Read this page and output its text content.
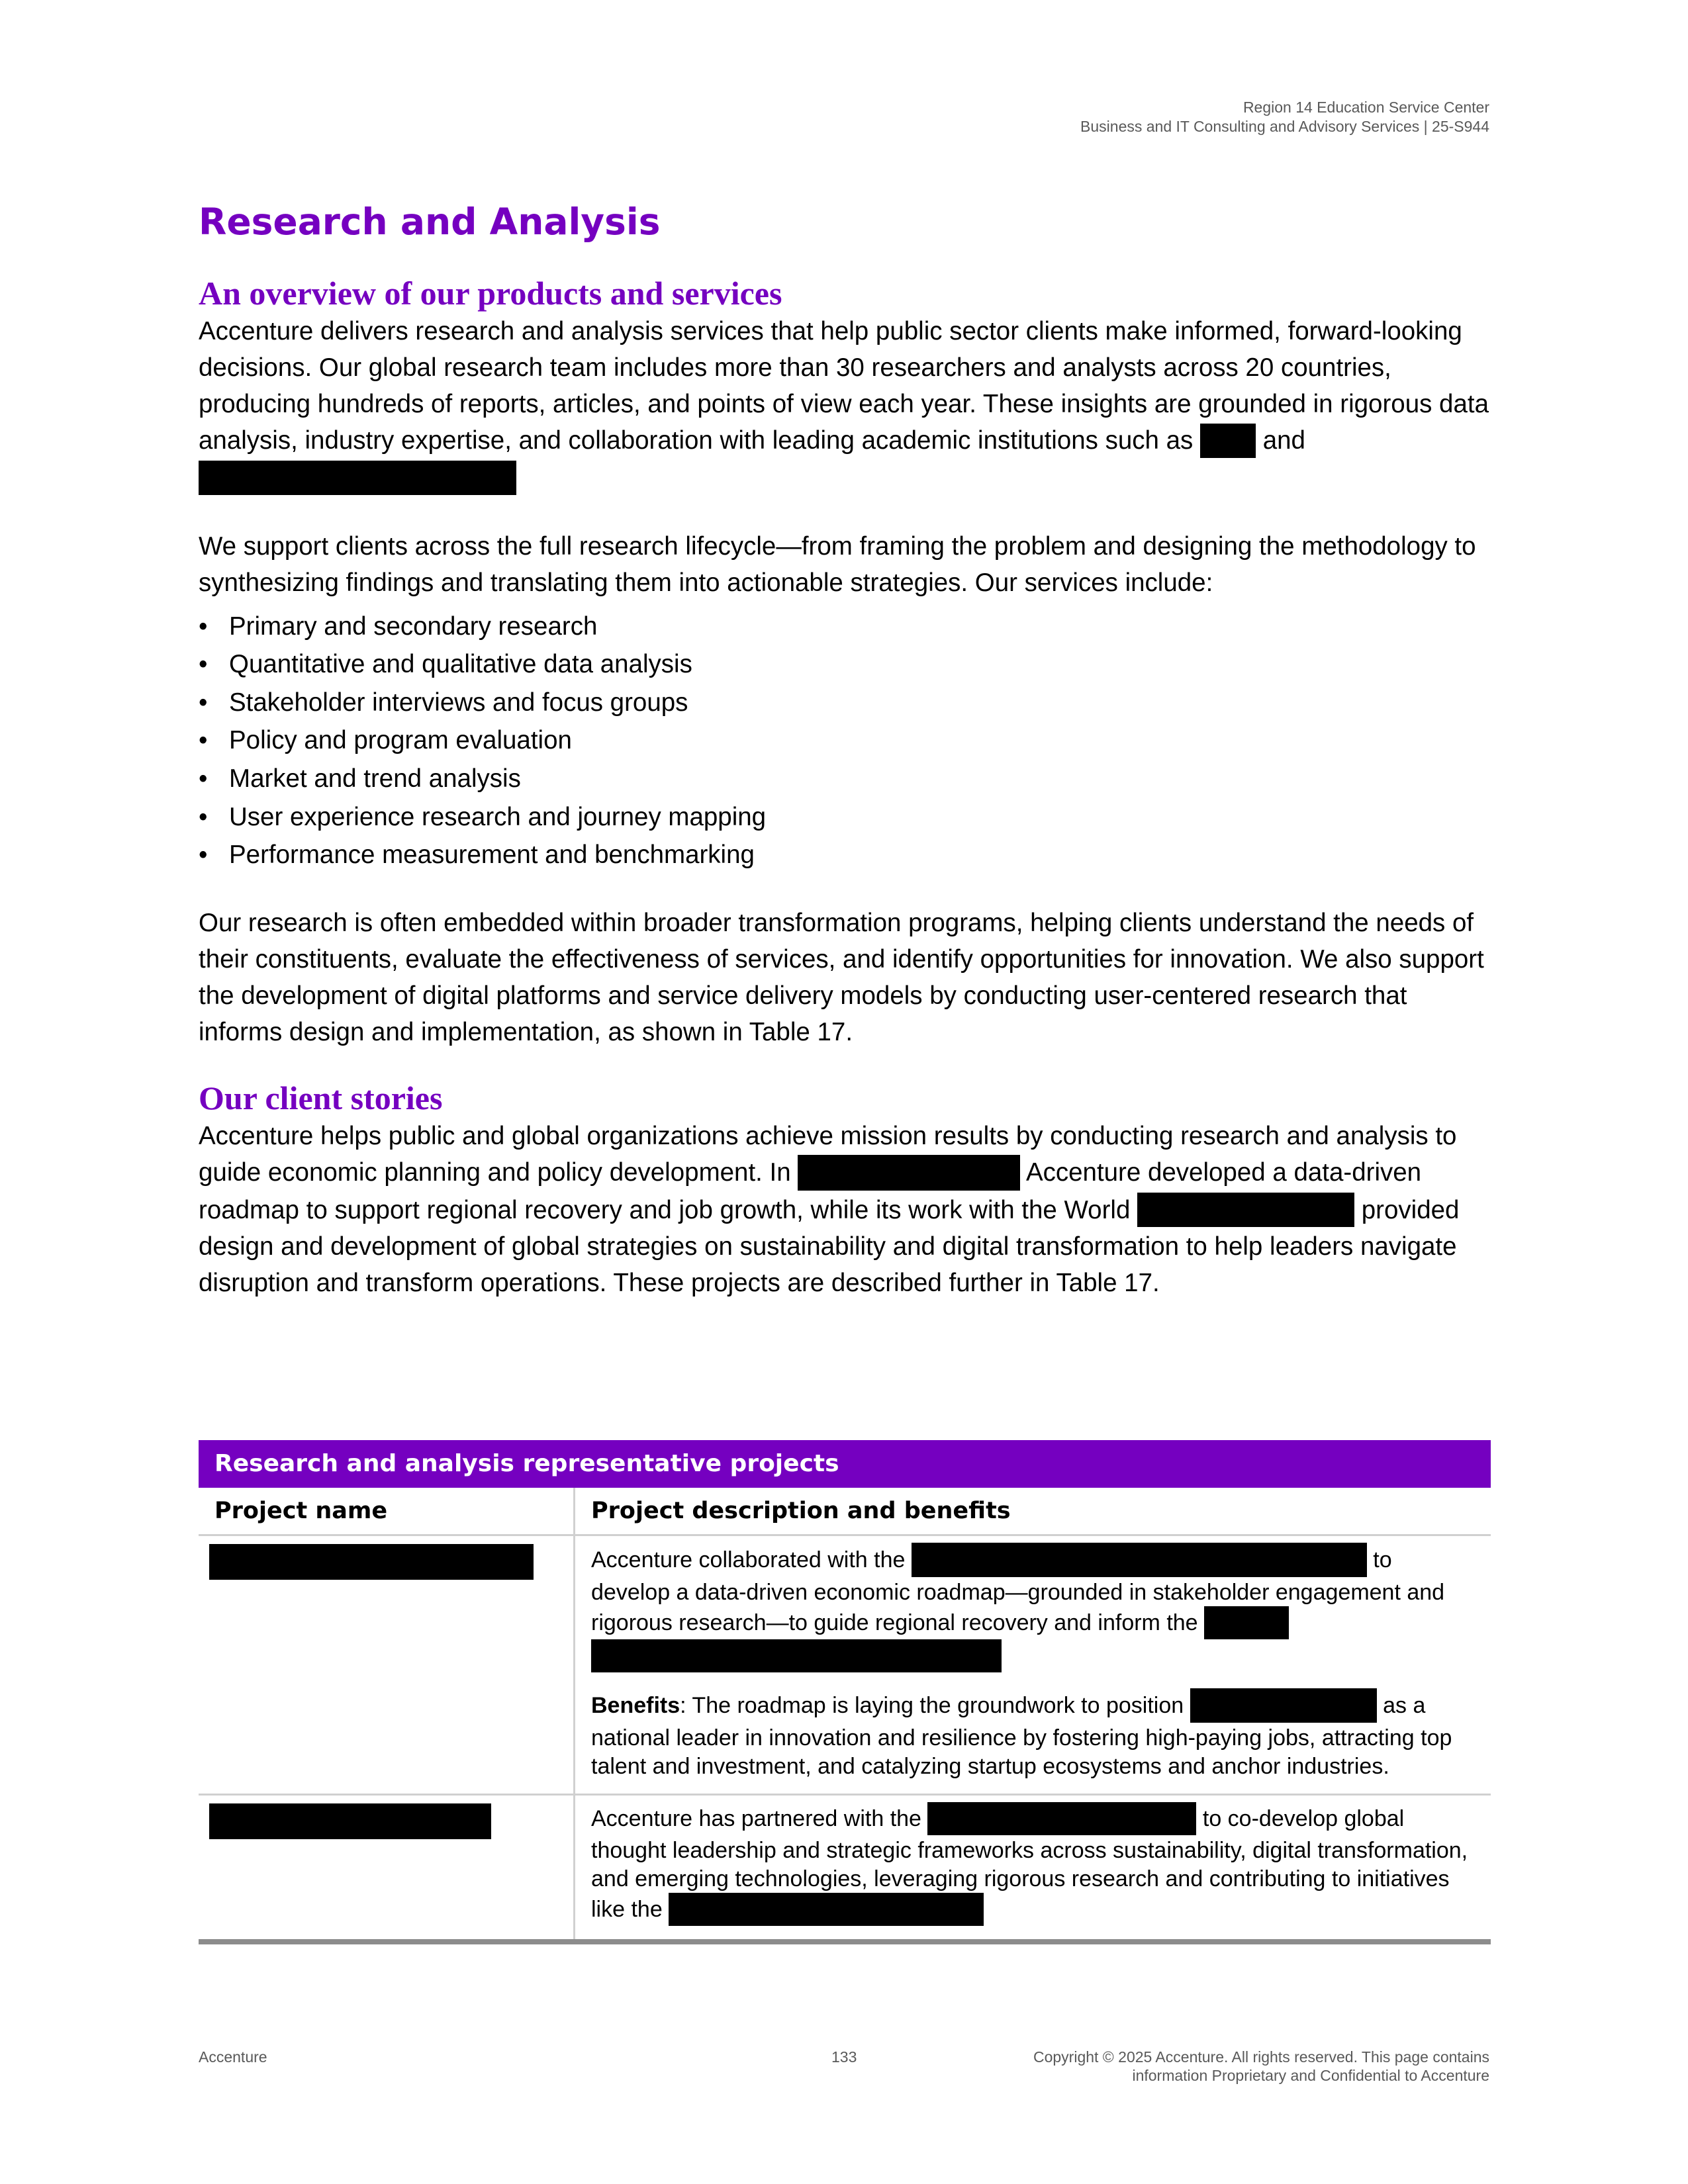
Region 14 Education Service Center
Business and IT Consulting and Advisory Services | 25-S944
Research and Analysis
An overview of our products and services

Accenture delivers research and analysis services that help public sector clients make informed, forward-looking decisions. Our global research team includes more than 30 researchers and analysts across 20 countries, producing hundreds of reports, articles, and points of view each year. These insights are grounded in rigorous data analysis, industry expertise, and collaboration with leading academic institutions such as	and

We support clients across the full research lifecycle—from framing the problem and designing the methodology to synthesizing findings and translating them into actionable strategies. Our services include:

• Primary and secondary research
• Quantitative and qualitative data analysis
• Stakeholder interviews and focus groups
• Policy and program evaluation
• Market and trend analysis
• User experience research and journey mapping
• Performance measurement and benchmarking

Our research is often embedded within broader transformation programs, helping clients understand the needs of their constituents, evaluate the effectiveness of services, and identify opportunities for innovation. We also support the development of digital platforms and service delivery models by conducting user-centered research that informs design and implementation, as shown in Table 17.

Our client stories

Accenture helps public and global organizations achieve mission results by conducting research and analysis to guide economic planning and policy development. In	Accenture developed a data-driven roadmap to support regional recovery and job growth, while its work with the World	provided design and development of global strategies on sustainability and digital transformation to help leaders navigate disruption and transform operations. These projects are described further in Table 17.

Research and analysis representative projects
Project name	Project description and benefits

	Accenture collaborated with the to develop a data-driven economic roadmap—grounded in stakeholder engagement and rigorous research—to guide regional recovery and inform the
Benefits: The roadmap is laying the groundwork to position as a national leader in innovation and resilience by fostering high-paying jobs, attracting top talent and investment, and catalyzing startup ecosystems and anchor industries.

	Accenture has partnered with the to co-develop global thought leadership and strategic frameworks across sustainability, digital transformation, and emerging technologies, leveraging rigorous research and contributing to initiatives like the
Accenture	133	Copyright © 2025 Accenture. All rights reserved. This page contains
information Proprietary and Confidential to Accenture
